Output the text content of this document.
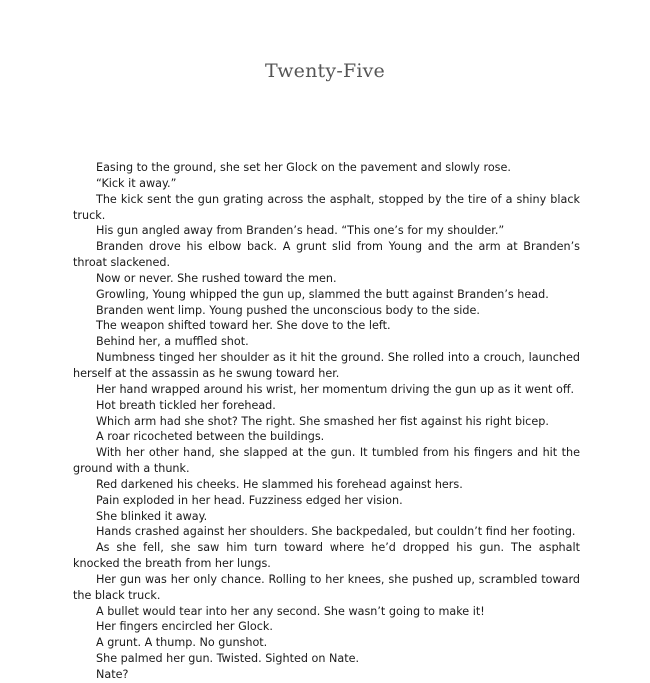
Twenty-Five

Easing to the ground, she set her Glock on the pavement and slowly rose.

“Kick it away.”

The kick sent the gun grating across the asphalt, stopped by the tire of a shiny black truck.

His gun angled away from Branden’s head. “This one’s for my shoulder.”

Branden drove his elbow back. A grunt slid from Young and the arm at Branden’s throat slackened.

Now or never. She rushed toward the men.

Growling, Young whipped the gun up, slammed the butt against Branden’s head.

Branden went limp. Young pushed the unconscious body to the side.

The weapon shifted toward her. She dove to the left.

Behind her, a muffled shot.

Numbness tinged her shoulder as it hit the ground. She rolled into a crouch, launched herself at the assassin as he swung toward her.

Her hand wrapped around his wrist, her momentum driving the gun up as it went off.

Hot breath tickled her forehead.

Which arm had she shot? The right. She smashed her fist against his right bicep.

A roar ricocheted between the buildings.

With her other hand, she slapped at the gun. It tumbled from his fingers and hit the ground with a thunk.

Red darkened his cheeks. He slammed his forehead against hers.

Pain exploded in her head. Fuzziness edged her vision.

She blinked it away.

Hands crashed against her shoulders. She backpedaled, but couldn’t find her footing.

As she fell, she saw him turn toward where he’d dropped his gun. The asphalt knocked the breath from her lungs.

Her gun was her only chance. Rolling to her knees, she pushed up, scrambled toward the black truck.

A bullet would tear into her any second. She wasn’t going to make it!

Her fingers encircled her Glock.

A grunt. A thump. No gunshot.

She palmed her gun. Twisted. Sighted on Nate.

Nate?
